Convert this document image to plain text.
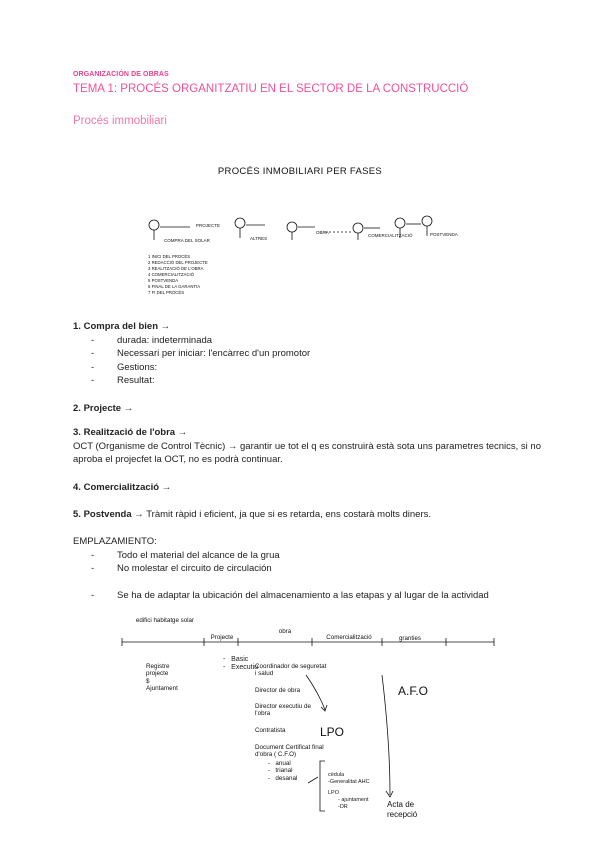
ORGANIZACIÓN DE OBRAS
TEMA 1: PROCÉS ORGANITZATIU EN EL SECTOR DE LA CONSTRUCCIÓ
Procés immobiliari
PROCÉS INMOBILIARI PER FASES
COMPRA DEL SOLAR
PROJECTE
ALTRES
OBRA
COMERCIALITZACIÓ	POSTVENDA
1 INICI DEL PROCÉS
2 REDACCIÓ DEL PROJECTE
3 REALITZACIÓ DE L'OBRA
4 COMERCIALITZACIÓ
5 POSTVENDA
6 FINAL DE LA GARANTIA
7 FI DEL PROCÉS
1. Compra del bien →
- durada: indeterminada
- Necessari per iniciar: l'encàrrec d'un promotor
- Gestions:
- Resultat:
2. Projecte →
3. Realització de l'obra →
OCT (Organisme de Control Tècnic) → garantir ue tot el q es construirà està sota uns parametres tecnics, si no aproba el projecfet la OCT, no es podrà continuar.
4. Comercialització →
5. Postvenda → Tràmit ràpid i eficient, ja que si es retarda, ens costarà molts diners.
EMPLAZAMIENTO:
- Todo el material del alcance de la grua
- No molestar el circuito de circulación
- Se ha de adaptar la ubicación del almacenamiento a las etapas y al lugar de la actividad
edifici habitatge solar
Projecte
obra
Comercialització	granties
Registre projecte
$
Ajuntament
-   Basic
-   Executiu
Coordinador de seguretat i salud
Director de obra
Director executiu de l'obra
Contratista
Document Certificat final d'obra ( C.F.O)
-   anual
-   trianal
-   desanal
LPO
A.F.O
cèdula
-Generalitat AHC
LPO
- ajuntament
-DR	Acta de recepció
